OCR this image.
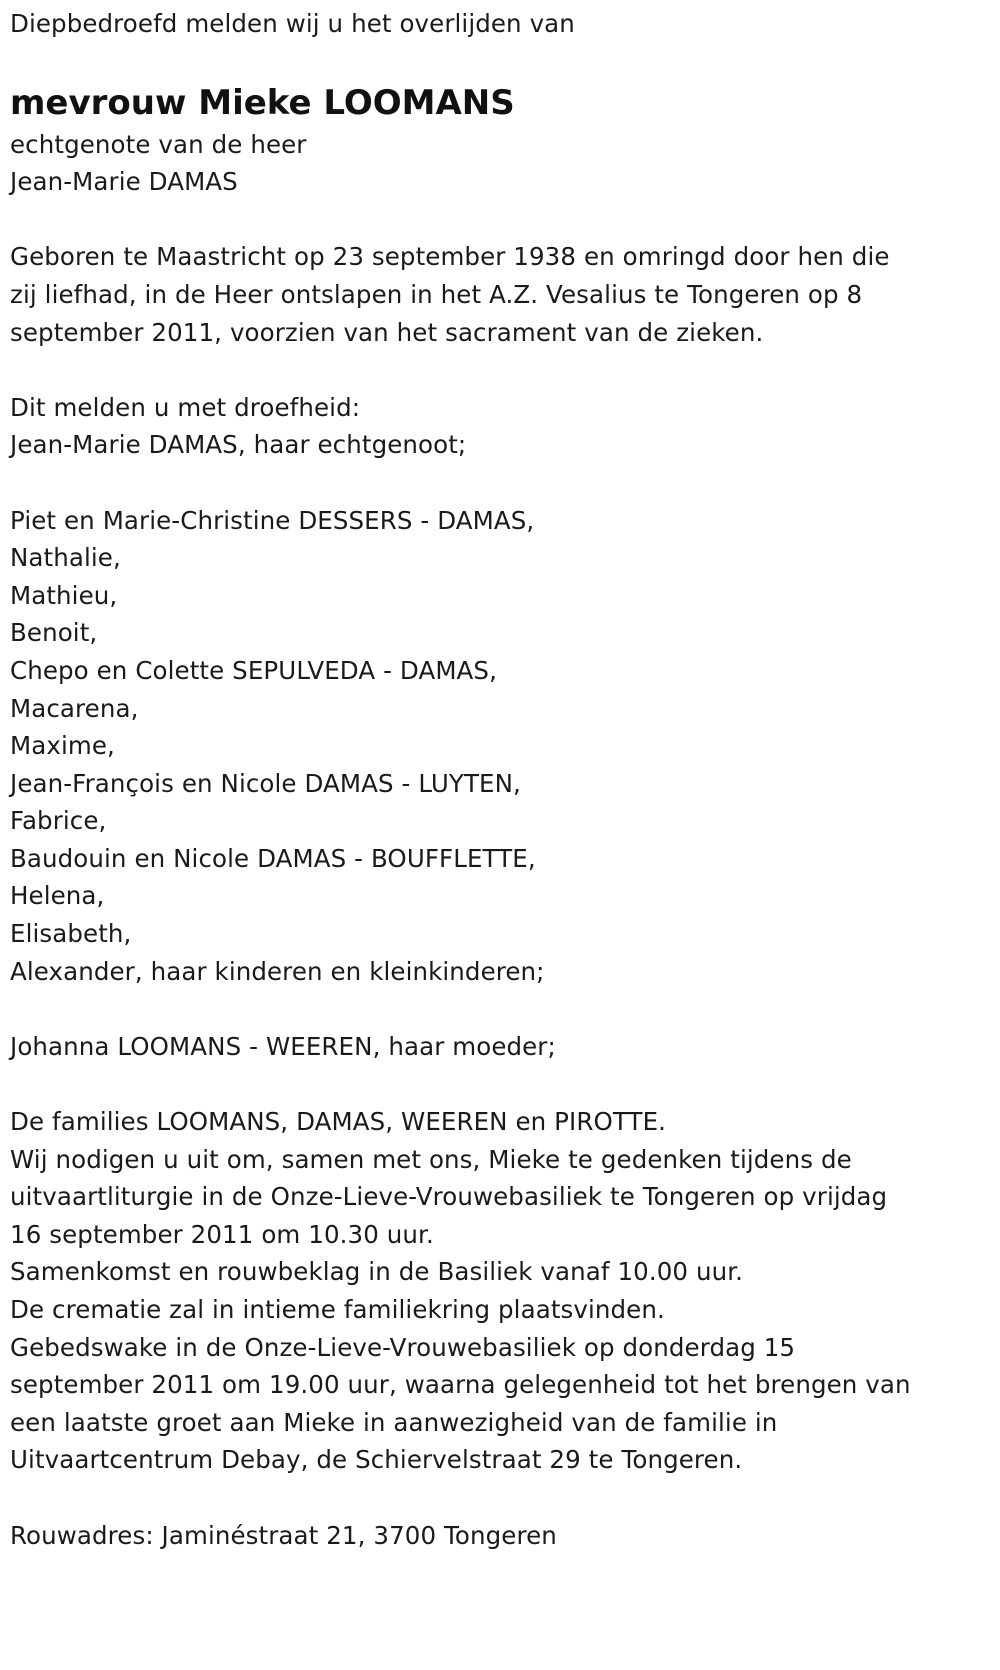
Diepbedroefd melden wij u het overlijden van
mevrouw Mieke LOOMANS
echtgenote van de heer
Jean-Marie DAMAS
Geboren te Maastricht op 23 september 1938 en omringd door hen die
zij liefhad, in de Heer ontslapen in het A.Z. Vesalius te Tongeren op 8
september 2011, voorzien van het sacrament van de zieken.
Dit melden u met droefheid:
Jean-Marie DAMAS, haar echtgenoot;
Piet en Marie-Christine DESSERS - DAMAS,
Nathalie,
Mathieu,
Benoit,
Chepo en Colette SEPULVEDA - DAMAS,
Macarena,
Maxime,
Jean-François en Nicole DAMAS - LUYTEN,
Fabrice,
Baudouin en Nicole DAMAS - BOUFFLETTE,
Helena,
Elisabeth,
Alexander, haar kinderen en kleinkinderen;
Johanna LOOMANS - WEEREN, haar moeder;
De families LOOMANS, DAMAS, WEEREN en PIROTTE.
Wij nodigen u uit om, samen met ons, Mieke te gedenken tijdens de
uitvaartliturgie in de Onze-Lieve-Vrouwebasiliek te Tongeren op vrijdag
16 september 2011 om 10.30 uur.
Samenkomst en rouwbeklag in de Basiliek vanaf 10.00 uur.
De crematie zal in intieme familiekring plaatsvinden.
Gebedswake in de Onze-Lieve-Vrouwebasiliek op donderdag 15
september 2011 om 19.00 uur, waarna gelegenheid tot het brengen van
een laatste groet aan Mieke in aanwezigheid van de familie in
Uitvaartcentrum Debay, de Schiervelstraat 29 te Tongeren.
Rouwadres: Jaminéstraat 21, 3700 Tongeren
